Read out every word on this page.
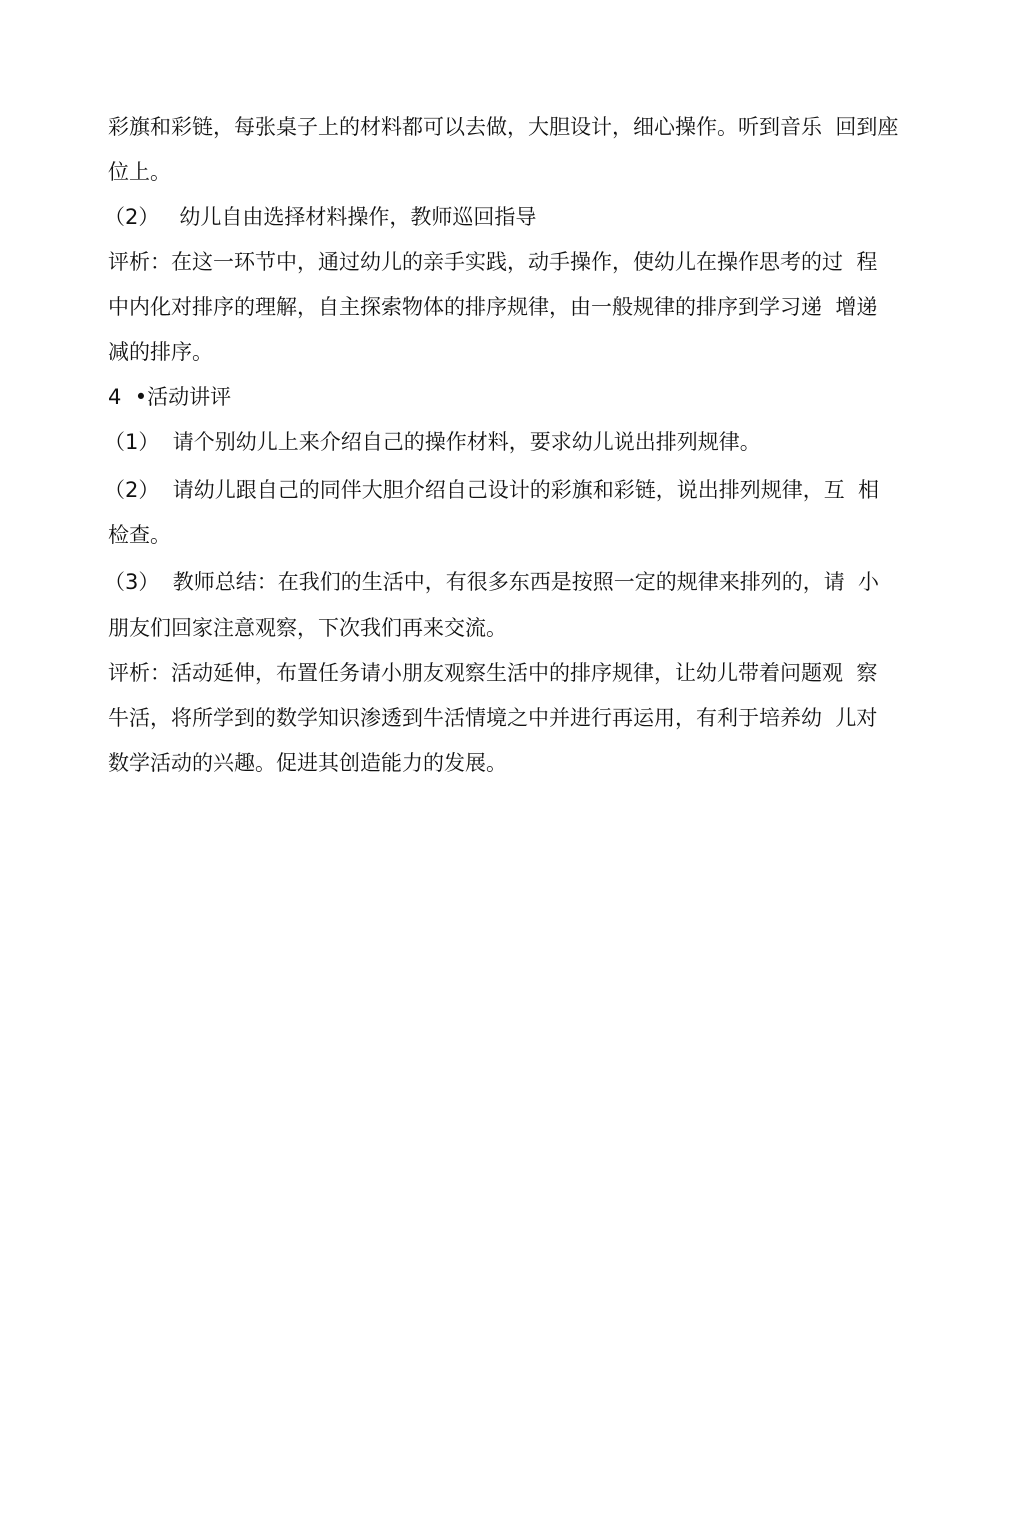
彩旗和彩链，每张桌子上的材料都可以去做，大胆设计，细心操作。听到音乐  回到座
位上。
（2）   幼儿自由选择材料操作，教师巡回指导
评析：在这一环节中，通过幼儿的亲手实践，动手操作，使幼儿在操作思考的过  程
中内化对排序的理解，自主探索物体的排序规律，由一般规律的排序到学习递  增递
减的排序。
4  •活动讲评
（1）  请个别幼儿上来介绍自己的操作材料，要求幼儿说出排列规律。
（2）  请幼儿跟自己的同伴大胆介绍自己设计的彩旗和彩链，说出排列规律，互  相
检查。
（3）  教师总结：在我们的生活中，有很多东西是按照一定的规律来排列的，请  小
朋友们回家注意观察，下次我们再来交流。
评析：活动延伸，布置任务请小朋友观察生活中的排序规律，让幼儿带着问题观  察
牛活，将所学到的数学知识渗透到牛活情境之中并进行再运用，有利于培养幼  儿对
数学活动的兴趣。促进其创造能力的发展。
